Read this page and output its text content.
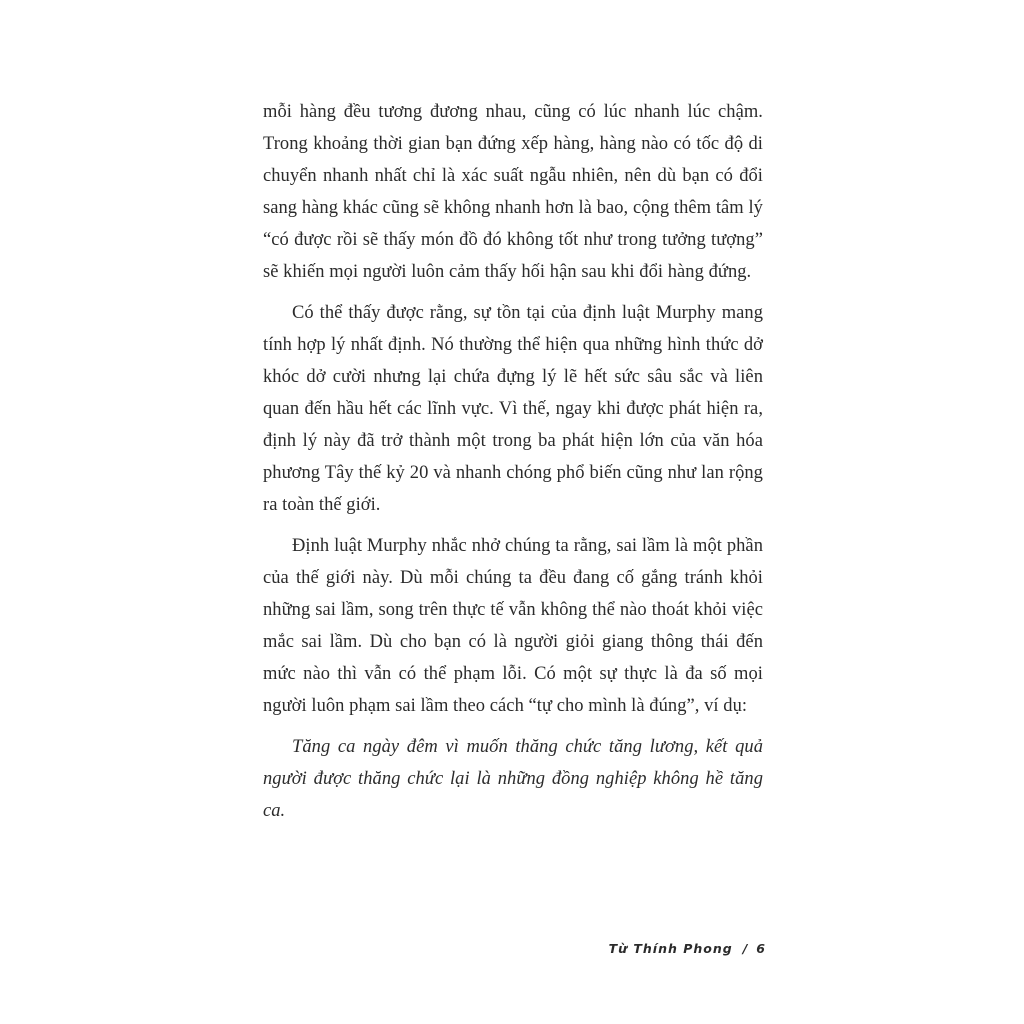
mỗi hàng đều tương đương nhau, cũng có lúc nhanh lúc chậm. Trong khoảng thời gian bạn đứng xếp hàng, hàng nào có tốc độ di chuyển nhanh nhất chỉ là xác suất ngẫu nhiên, nên dù bạn có đổi sang hàng khác cũng sẽ không nhanh hơn là bao, cộng thêm tâm lý “có được rồi sẽ thấy món đồ đó không tốt như trong tưởng tượng” sẽ khiến mọi người luôn cảm thấy hối hận sau khi đổi hàng đứng.

Có thể thấy được rằng, sự tồn tại của định luật Murphy mang tính hợp lý nhất định. Nó thường thể hiện qua những hình thức dở khóc dở cười nhưng lại chứa đựng lý lẽ hết sức sâu sắc và liên quan đến hầu hết các lĩnh vực. Vì thế, ngay khi được phát hiện ra, định lý này đã trở thành một trong ba phát hiện lớn của văn hóa phương Tây thế kỷ 20 và nhanh chóng phổ biến cũng như lan rộng ra toàn thế giới.

Định luật Murphy nhắc nhở chúng ta rằng, sai lầm là một phần của thế giới này. Dù mỗi chúng ta đều đang cố gắng tránh khỏi những sai lầm, song trên thực tế vẫn không thể nào thoát khỏi việc mắc sai lầm. Dù cho bạn có là người giỏi giang thông thái đến mức nào thì vẫn có thể phạm lỗi. Có một sự thực là đa số mọi người luôn phạm sai lầm theo cách “tự cho mình là đúng”, ví dụ:

Tăng ca ngày đêm vì muốn thăng chức tăng lương, kết quả người được thăng chức lại là những đồng nghiệp không hề tăng ca.

Từ Thính Phong / 6
